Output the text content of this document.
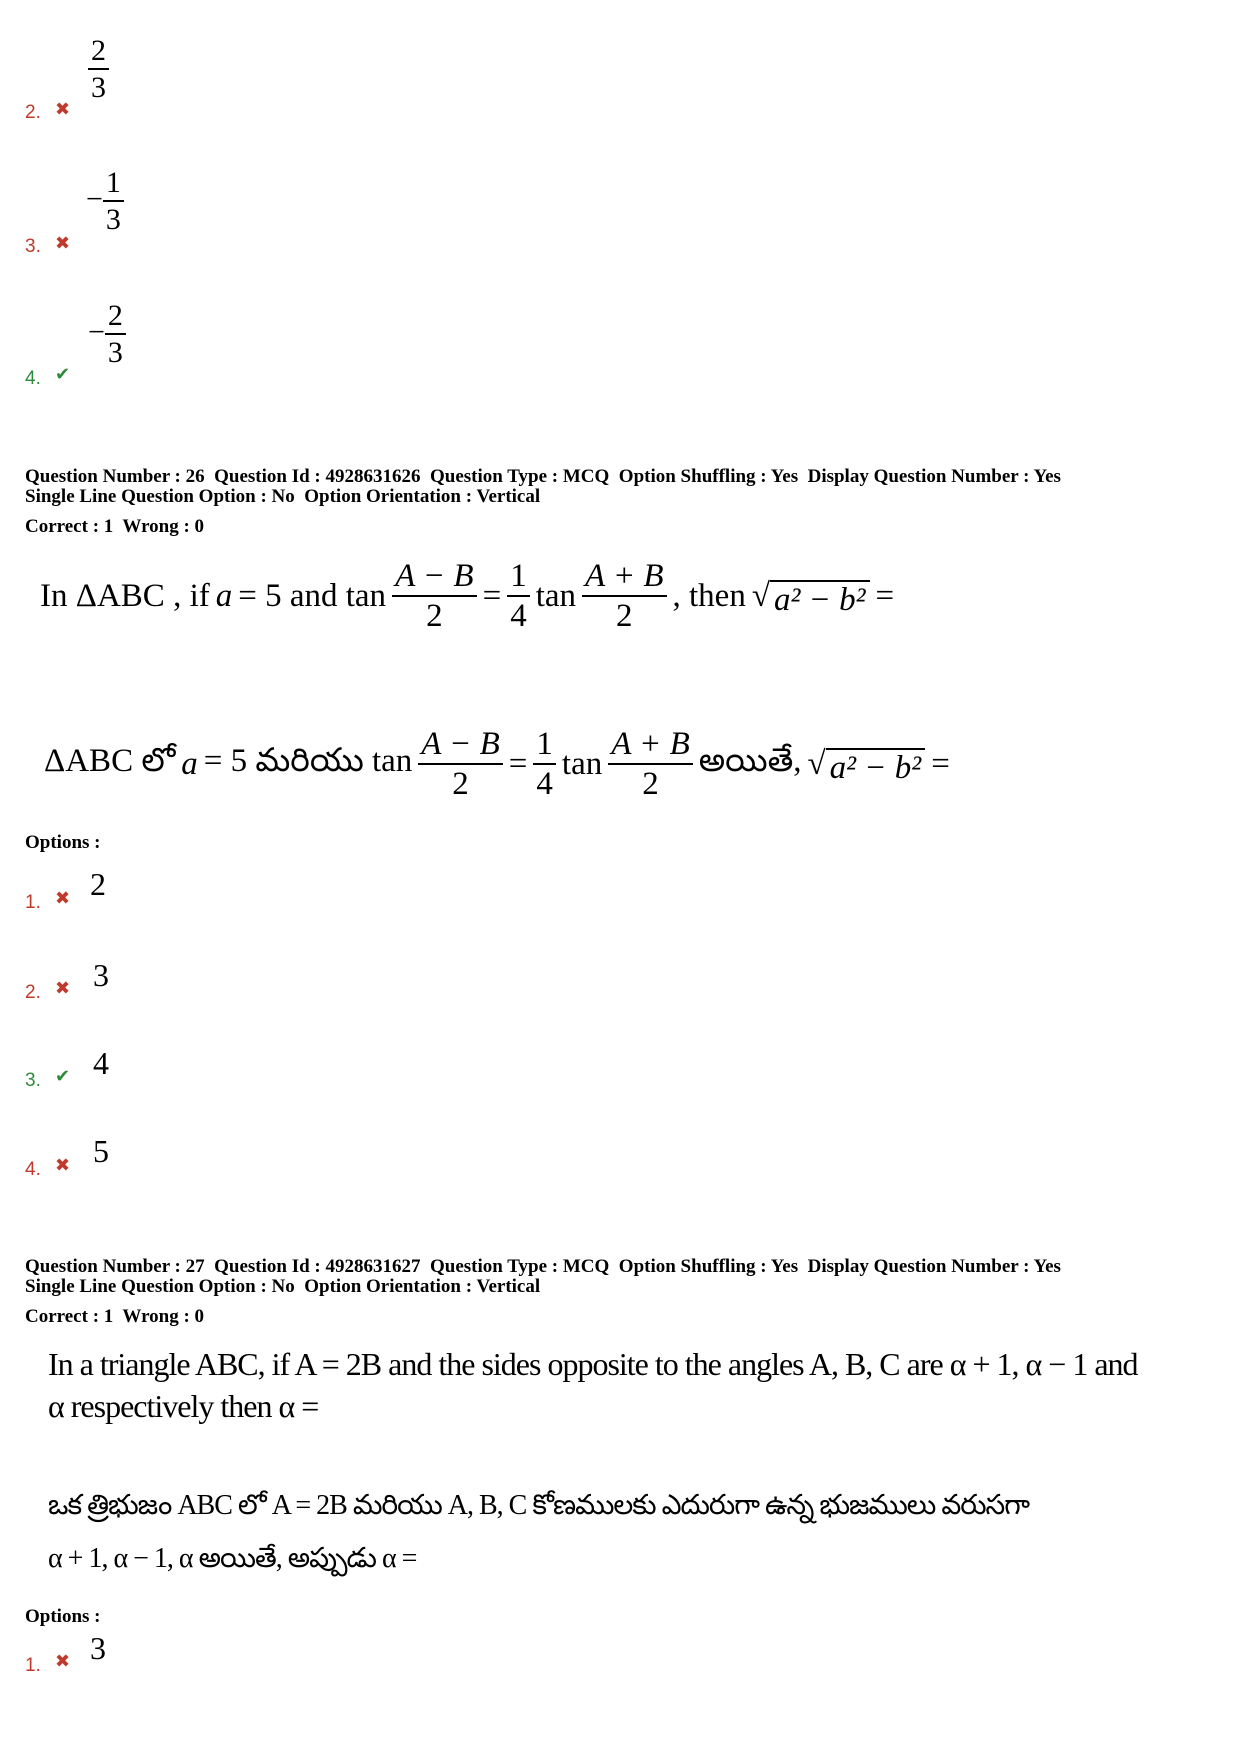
2. ✖
$\frac{2}{3}$
3. ✖
− $\frac{1}{3}$
4. ✔
− $\frac{2}{3}$
Question Number : 26  Question Id : 4928631626  Question Type : MCQ  Option Shuffling : Yes  Display Question Number : Yes
Single Line Question Option : No  Option Orientation : Vertical
Correct : 1  Wrong : 0
In ΔABC , if a = 5 and $\tan \frac{A - B}{2} = \frac{1}{4}$ $\tan \frac{A + B}{2}$ , then √ a² − b² =
ΔABC లో a = 5 మరియు $\tan \frac{A - B}{2} = \frac{1}{4}$ $\tan \frac{A + B}{2}$ అయితే, √ a² − b² =
Options :
1. ✖ 2
2. ✖ 3
3. ✔ 4
4. ✖ 5
Question Number : 27  Question Id : 4928631627  Question Type : MCQ  Option Shuffling : Yes  Display Question Number : Yes
Single Line Question Option : No  Option Orientation : Vertical
Correct : 1  Wrong : 0
In a triangle ABC, if A = 2B and the sides opposite to the angles A, B, C are α + 1, α − 1 and
α respectively then α =
ఒక త్రిభుజం ABC లో A = 2B మరియు A, B, C కోణములకు ఎదురుగా ఉన్న భుజములు వరుసగా
α + 1, α − 1, α అయితే, అప్పుడు α =
Options :
1. ✖ 3
